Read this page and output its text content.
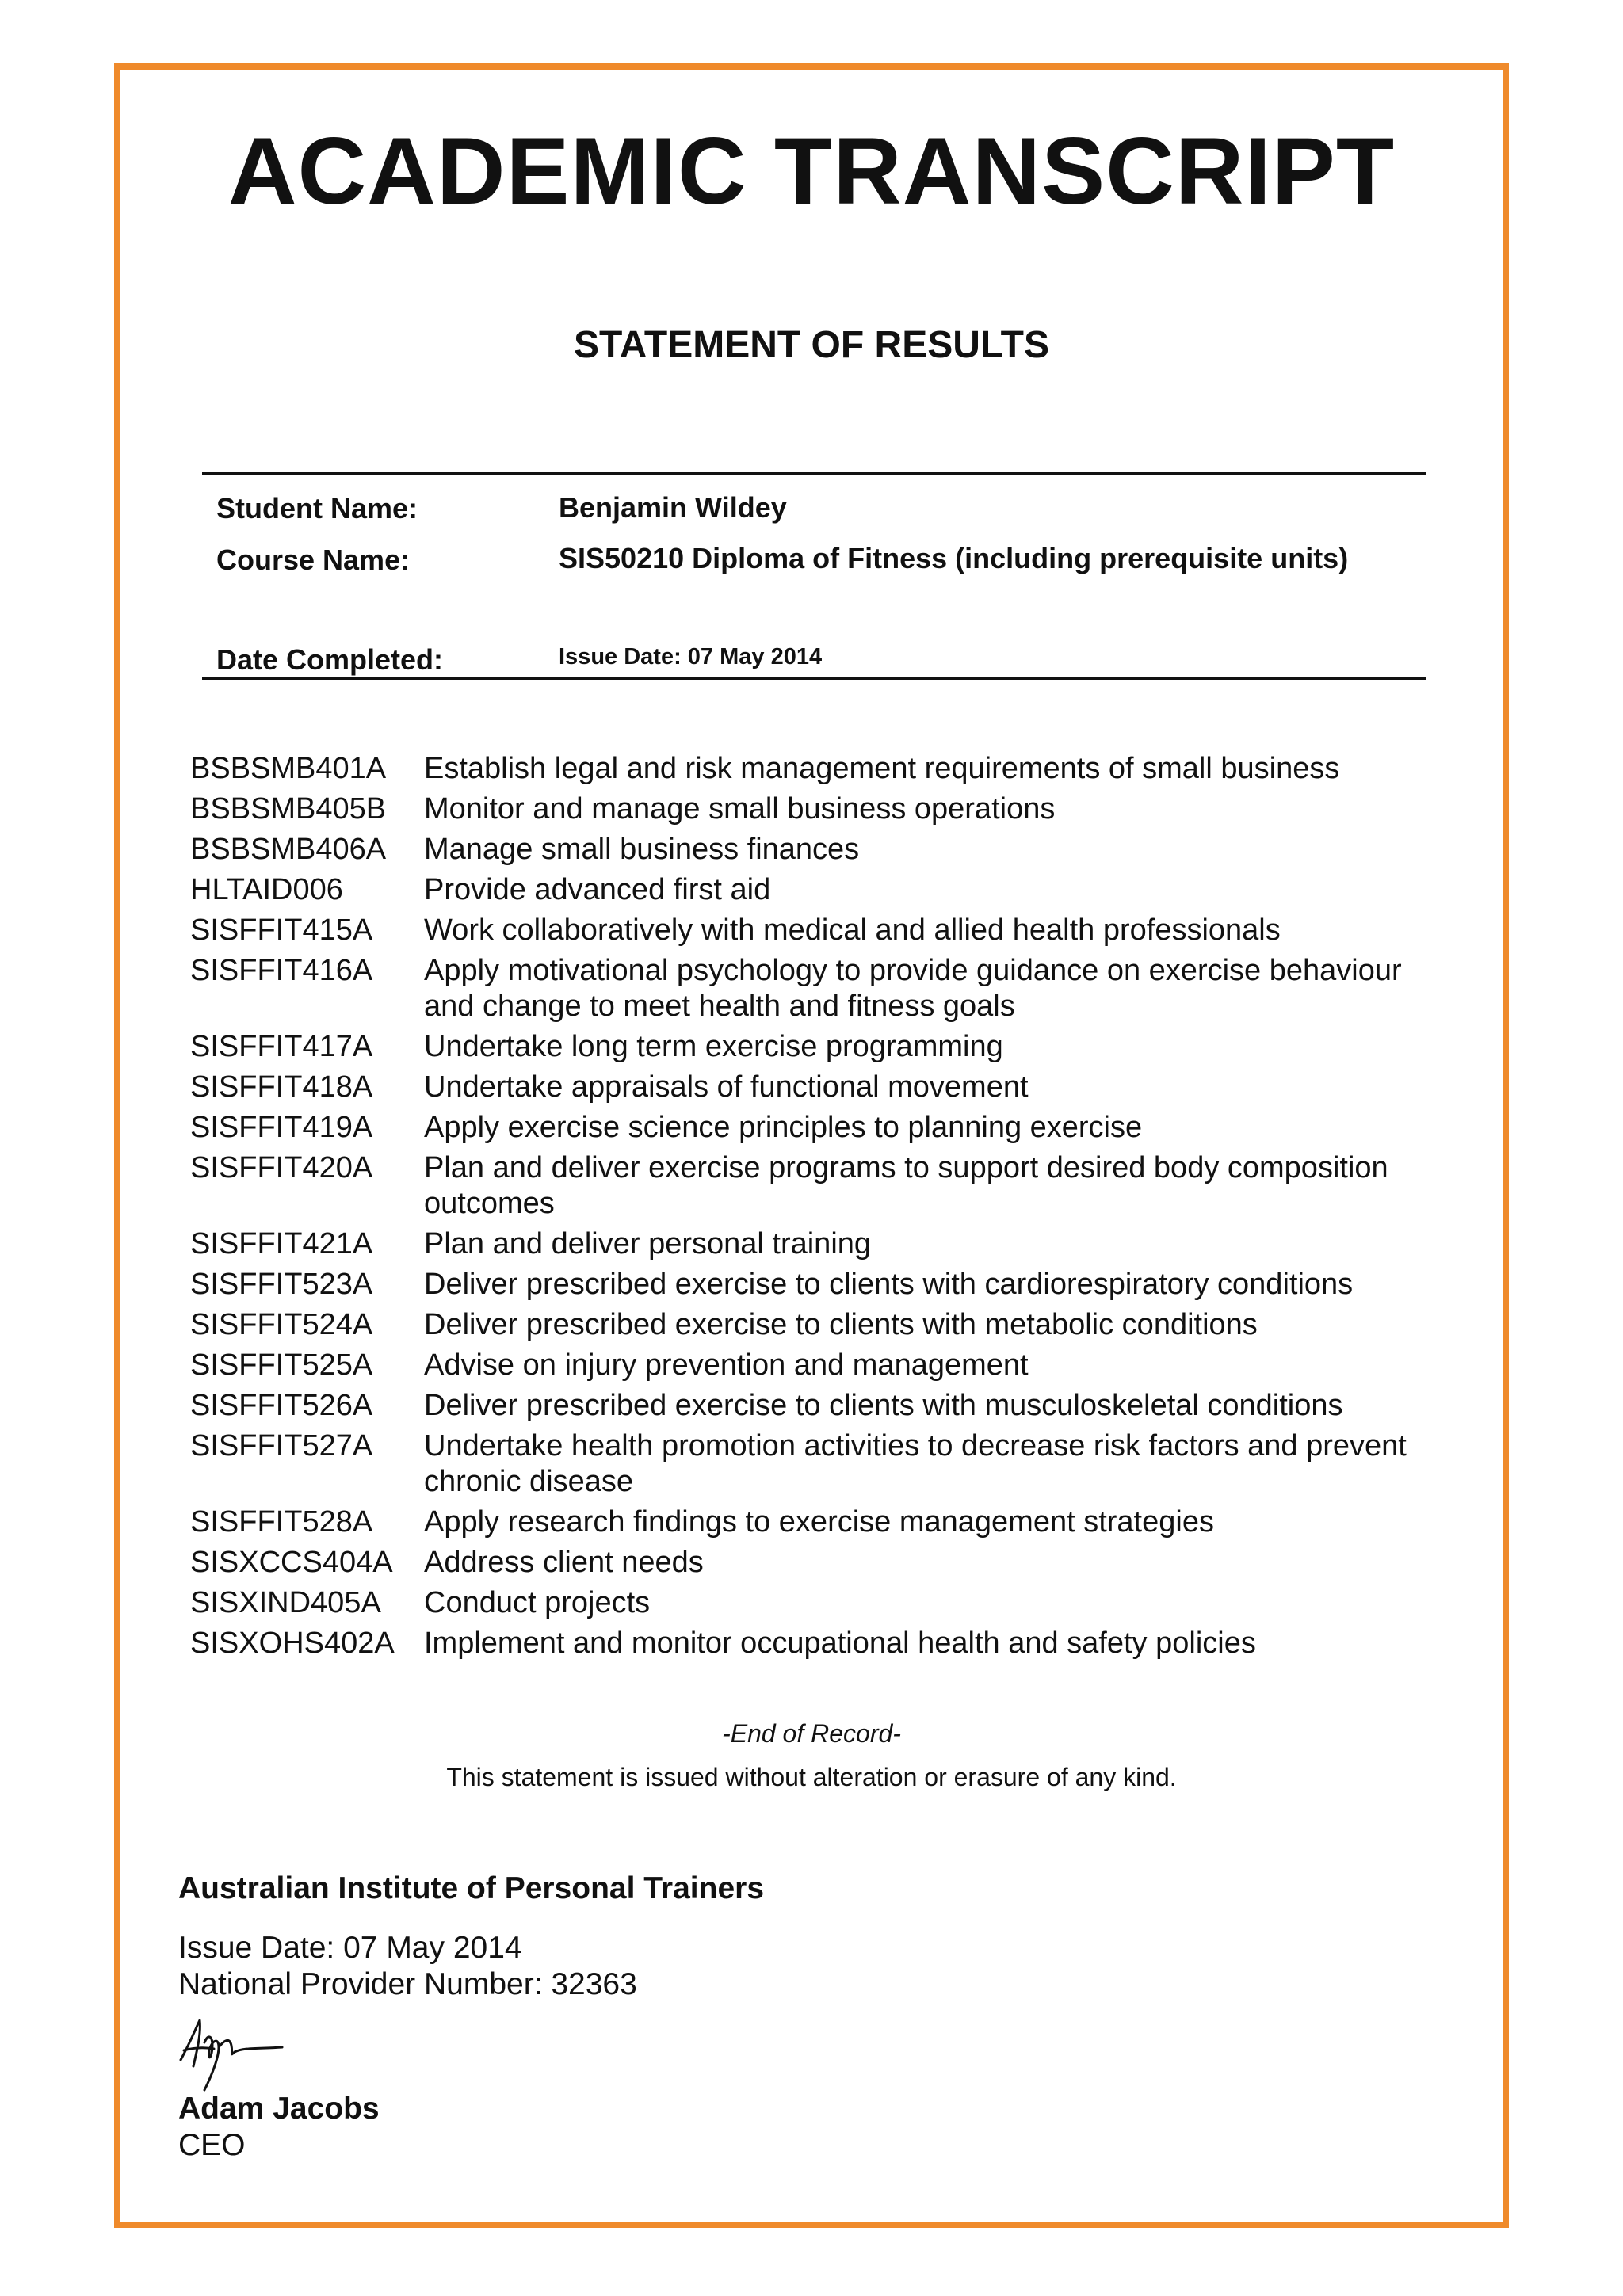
ACADEMIC TRANSCRIPT
STATEMENT OF RESULTS
Student Name:	Benjamin Wildey
Course Name:	SIS50210 Diploma of Fitness (including prerequisite units)
Date Completed:	Issue Date: 07 May 2014
BSBSMB401A	Establish legal and risk management requirements of small business
BSBSMB405B	Monitor and manage small business operations
BSBSMB406A	Manage small business finances
HLTAID006	Provide advanced first aid
SISFFIT415A	Work collaboratively with medical and allied health professionals
SISFFIT416A	Apply motivational psychology to provide guidance on exercise behaviour and change to meet health and fitness goals
SISFFIT417A	Undertake long term exercise programming
SISFFIT418A	Undertake appraisals of functional movement
SISFFIT419A	Apply exercise science principles to planning exercise
SISFFIT420A	Plan and deliver exercise programs to support desired body composition outcomes
SISFFIT421A	Plan and deliver personal training
SISFFIT523A	Deliver prescribed exercise to clients with cardiorespiratory conditions
SISFFIT524A	Deliver prescribed exercise to clients with metabolic conditions
SISFFIT525A	Advise on injury prevention and management
SISFFIT526A	Deliver prescribed exercise to clients with musculoskeletal conditions
SISFFIT527A	Undertake health promotion activities to decrease risk factors and prevent chronic disease
SISFFIT528A	Apply research findings to exercise management strategies
SISXCCS404A	Address client needs
SISXIND405A	Conduct projects
SISXOHS402A Implement and monitor occupational health and safety policies
-End of Record-
This statement is issued without alteration or erasure of any kind.
Australian Institute of Personal Trainers
Issue Date: 07 May 2014
National Provider Number: 32363
Adam Jacobs
CEO
